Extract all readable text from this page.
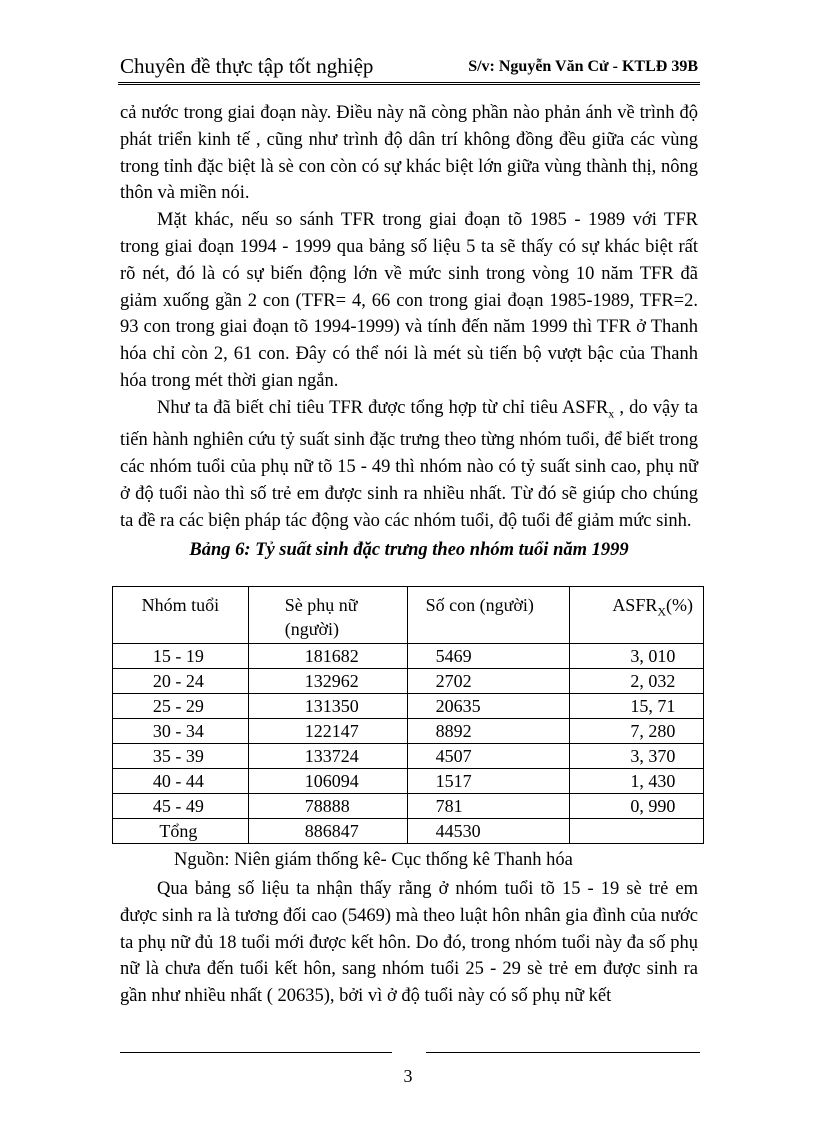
Chuyên đề thực tập tốt nghiệp	S/v: Nguyễn Văn Cử - KTLĐ 39B

cả nước trong giai đoạn này. Điều này nã còng phần nào phản ánh về trình độ phát triển kinh tế , cũng như trình độ dân trí không đồng đều giữa các vùng trong tỉnh đặc biệt là sè con còn có sự khác biệt lớn giữa vùng thành thị, nông thôn và miền nói.

Mặt khác, nếu so sánh TFR trong giai đoạn tõ 1985 - 1989 với TFR trong giai đoạn 1994 - 1999 qua bảng số liệu 5 ta sẽ thấy có sự khác biệt rất rõ nét, đó là có sự biến động lớn về mức sinh trong vòng 10 năm TFR đã giảm xuống gần 2 con (TFR= 4, 66 con trong giai đoạn 1985-1989, TFR=2. 93 con trong giai đoạn tõ 1994-1999) và tính đến năm 1999 thì TFR ở Thanh hóa chỉ còn 2, 61 con. Đây có thể nói là mét sù tiến bộ vượt bậc của Thanh hóa trong mét thời gian ngắn.

Như ta đã biết chỉ tiêu TFR được tổng hợp từ chỉ tiêu $ASFR_x$ , do vậy ta tiến hành nghiên cứu tỷ suất sinh đặc trưng theo từng nhóm tuổi, để biết trong các nhóm tuổi của phụ nữ tõ 15 - 49 thì nhóm nào có tỷ suất sinh cao, phụ nữ ở độ tuổi nào thì số trẻ em được sinh ra nhiều nhất. Từ đó sẽ giúp cho chúng ta đề ra các biện pháp tác động vào các nhóm tuổi, độ tuổi để giảm mức sinh.

Bảng 6: Tỷ suất sinh đặc trưng theo nhóm tuổi năm 1999
Nhóm tuổi	Sè phụ nữ (người)	Số con (người)	$ASFR_X(\%)$
15 - 19	181682	5469	3, 010
20 - 24	132962	2702	2, 032
25 - 29	131350	20635	15, 71
30 - 34	122147	8892	7, 280
35 - 39	133724	4507	3, 370
40 - 44	106094	1517	1, 430
45 - 49	78888	781	0, 990
Tổng	886847	44530	
Nguồn: Niên giám thống kê- Cục thống kê Thanh hóa

Qua bảng số liệu ta nhận thấy rằng ở nhóm tuổi tõ 15 - 19 sè trẻ em được sinh ra là tương đối cao (5469) mà theo luật hôn nhân gia đình của nước ta phụ nữ đủ 18 tuổi mới được kết hôn. Do đó, trong nhóm tuổi này đa số phụ nữ là chưa đến tuổi kết hôn, sang nhóm tuổi 25 - 29 sè trẻ em được sinh ra gần như nhiều nhất ( 20635), bởi vì ở độ tuổi này có số phụ nữ kết

3
